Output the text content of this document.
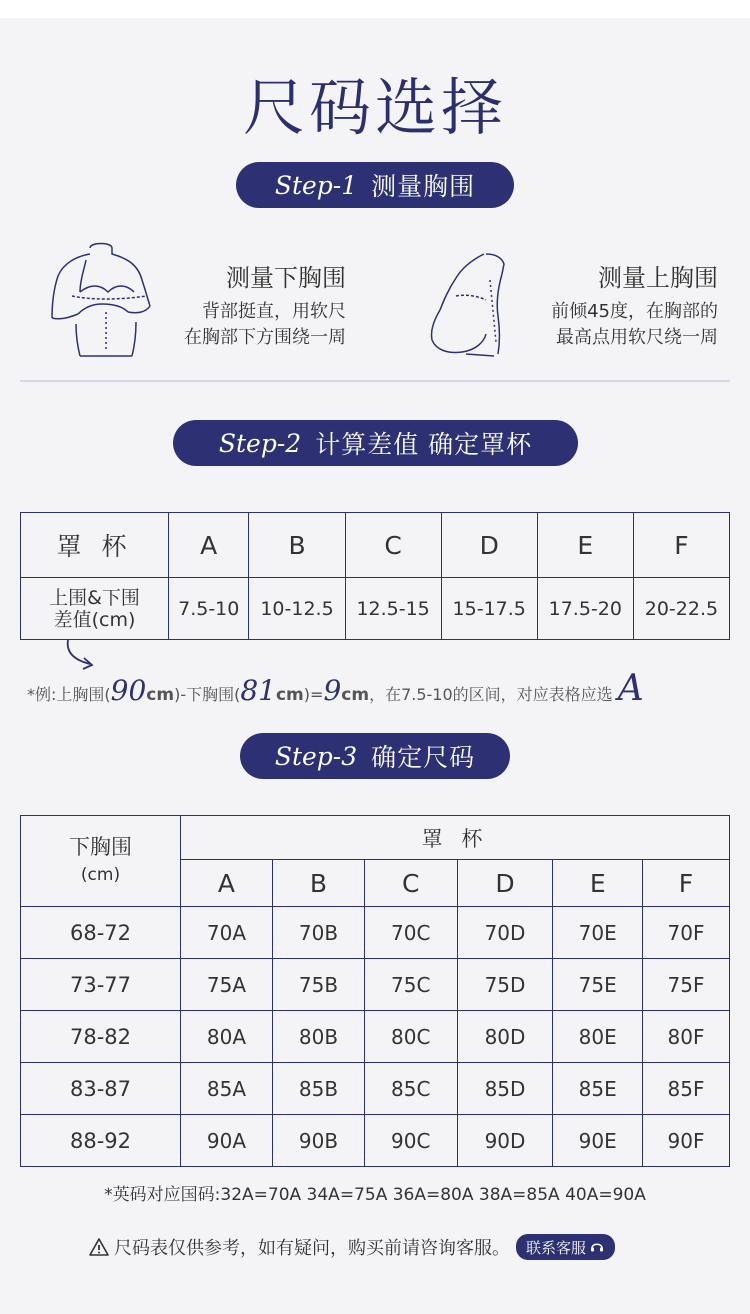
尺码选择
Step-1 测量胸围
测量下胸围
背部挺直，用软尺
在胸部下方围绕一周
测量上胸围
前倾45度，在胸部的
最高点用软尺绕一周
Step-2 计算差值 确定罩杯
罩 杯	A	B	C	D	E	F

上围&下围
差值(cm)	7.5-10	10-12.5	12.5-15	15-17.5	17.5-20	20-22.5
*例:上胸围(90cm)-下胸围(81cm)=9cm，在7.5-10的区间，对应表格应选 A
Step-3 确定尺码
下胸围
(cm)	罩 杯					
	A	B	C	D	E	F
68-72	70A	70B	70C	70D	70E	70F
73-77	75A	75B	75C	75D	75E	75F
78-82	80A	80B	80C	80D	80E	80F
83-87	85A	85B	85C	85D	85E	85F
88-92	90A	90B	90C	90D	90E	90F
*英码对应国码:32A=70A 34A=75A 36A=80A 38A=85A 40A=90A
尺码表仅供参考，如有疑问，购买前请咨询客服。 联系客服
